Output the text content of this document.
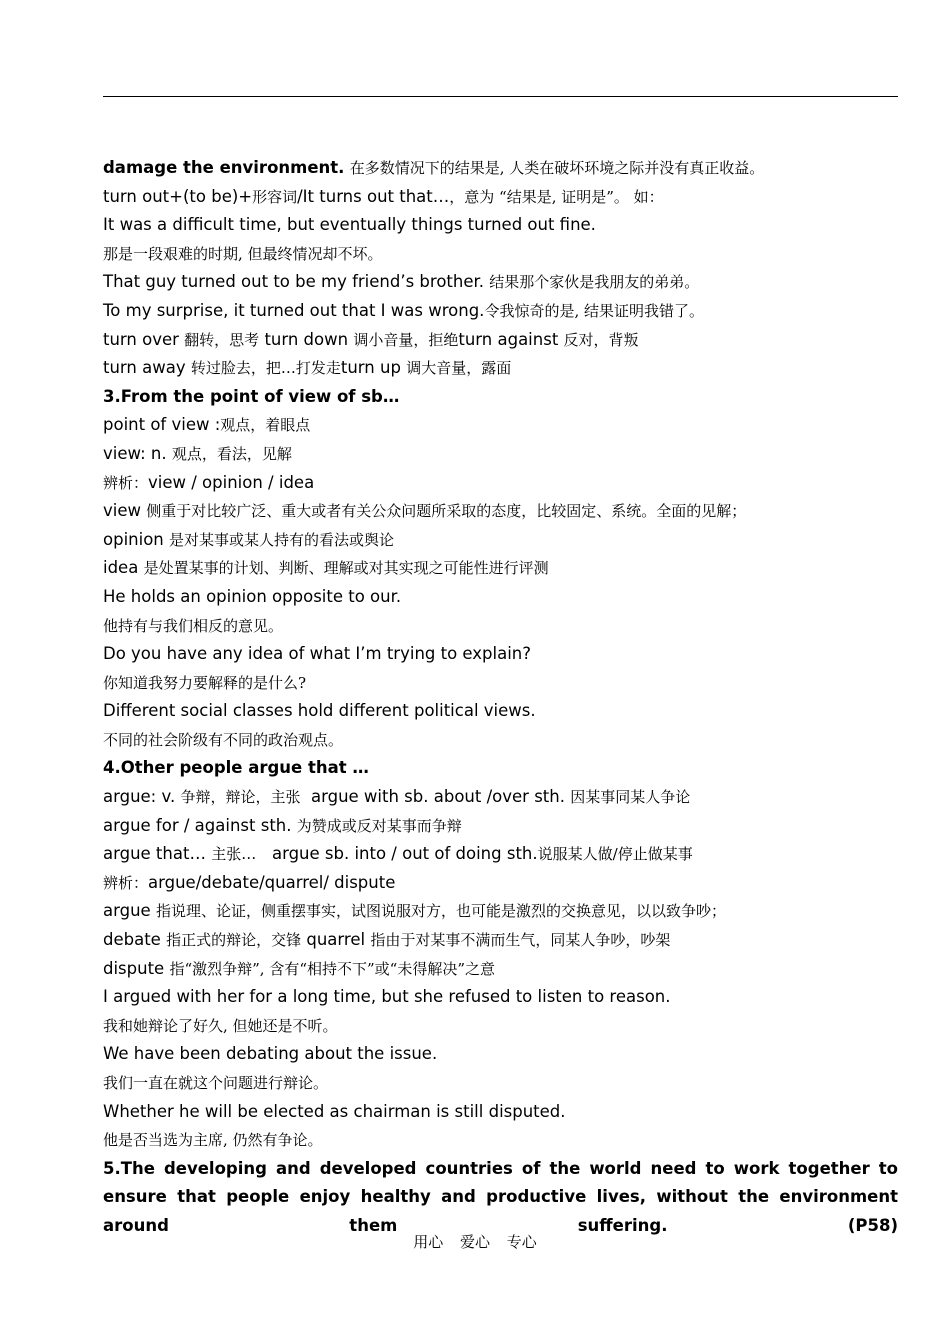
damage the environment. 在多数情况下的结果是, 人类在破坏环境之际并没有真正收益。
turn out+(to be)+形容词/It turns out that…，意为 “结果是, 证明是”。 如：
It was a difficult time, but eventually things turned out fine.
那是一段艰难的时期, 但最终情况却不坏。
That guy turned out to be my friend’s brother. 结果那个家伙是我朋友的弟弟。
To my surprise, it turned out that I was wrong.令我惊奇的是, 结果证明我错了。
turn over 翻转，思考 turn down 调小音量，拒绝turn against 反对，背叛
turn away 转过脸去，把…打发走turn up 调大音量，露面
3.From the point of view of sb…
point of view :观点，着眼点
view: n. 观点，看法，见解
辨析：view / opinion / idea
view 侧重于对比较广泛、重大或者有关公众问题所采取的态度，比较固定、系统。全面的见解；
opinion 是对某事或某人持有的看法或舆论
idea 是处置某事的计划、判断、理解或对其实现之可能性进行评测
He holds an opinion opposite to our.
他持有与我们相反的意见。
Do you have any idea of what I’m trying to explain?
你知道我努力要解释的是什么?
Different social classes hold different political views.
不同的社会阶级有不同的政治观点。
4.Other people argue that …
argue: v. 争辩，辩论，主张 argue with sb. about /over sth. 因某事同某人争论
argue for / against sth. 为赞成或反对某事而争辩
argue that… 主张… argue sb. into / out of doing sth.说服某人做/停止做某事
辨析：argue/debate/quarrel/ dispute
argue 指说理、论证，侧重摆事实，试图说服对方，也可能是激烈的交换意见，以以致争吵；
debate 指正式的辩论，交锋 quarrel 指由于对某事不满而生气，同某人争吵，吵架
dispute 指“激烈争辩”, 含有“相持不下”或“未得解决”之意
I argued with her for a long time, but she refused to listen to reason.
我和她辩论了好久, 但她还是不听。
We have been debating about the issue.
我们一直在就这个问题进行辩论。
Whether he will be elected as chairman is still disputed.
他是否当选为主席, 仍然有争论。
5.The developing and developed countries of the world need to work together to ensure that people enjoy healthy and productive lives, without the environment around them suffering. (P58)
用心 爱心 专心
